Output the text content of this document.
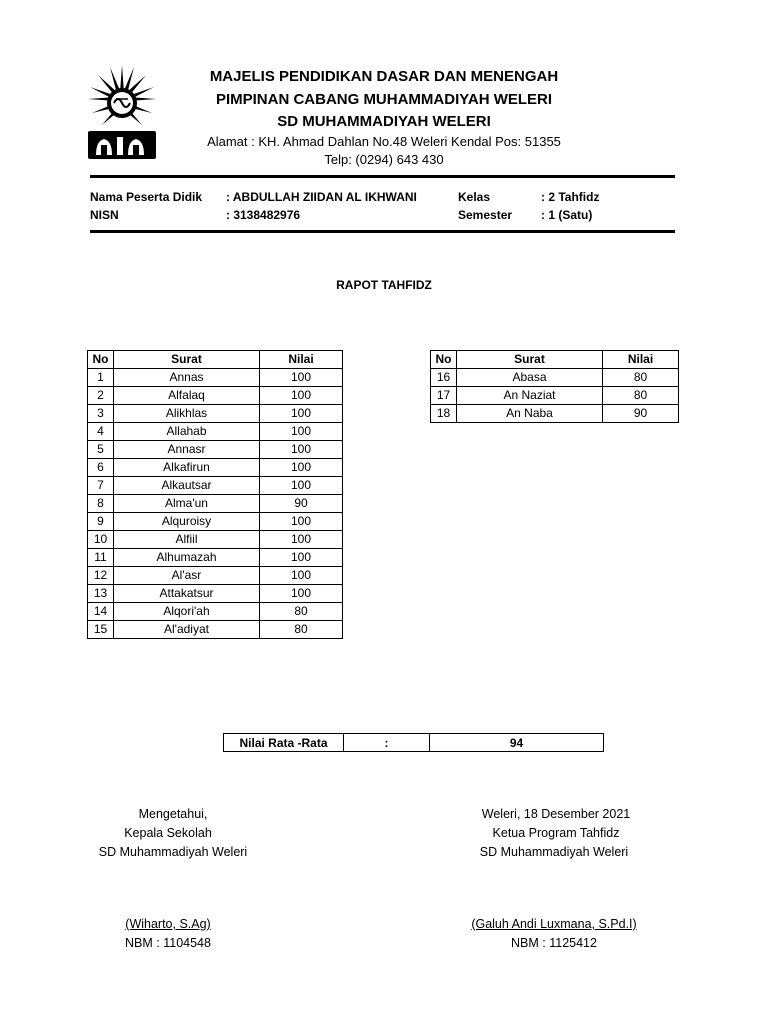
MAJELIS PENDIDIKAN DASAR DAN MENENGAH
PIMPINAN CABANG MUHAMMADIYAH WELERI
SD MUHAMMADIYAH WELERI
Alamat : KH. Ahmad Dahlan No.48 Weleri Kendal Pos: 51355
Telp: (0294) 643 430
Nama Peserta Didik : ABDULLAH ZIIDAN AL IKHWANI
NISN	: 3138482976
Kelas	: 2 Tahfidz
Semester : 1 (Satu)
RAPOT TAHFIDZ
No	Surat	Nilai
1	Annas	100
2	Alfalaq	100
3	Alikhlas	100
4	Allahab	100
5	Annasr	100
6	Alkafirun	100
7	Alkautsar	100
8	Alma'un	90
9	Alquroisy	100
10	Alfiil	100
11	Alhumazah	100
12	Al'asr	100
13	Attakatsur	100
14	Alqori'ah	80
15	Al'adiyat	80
No	Surat	Nilai
16	Abasa	80
17	An Naziat	80
18	An Naba	90
Nilai Rata -Rata	:	94
Mengetahui,
Kepala Sekolah
SD Muhammadiyah Weleri
(Wiharto, S.Ag)
NBM : 1104548
Weleri, 18 Desember 2021
Ketua Program Tahfidz
SD Muhammadiyah Weleri
(Galuh Andi Luxmana, S.Pd.I)
NBM : 1125412
